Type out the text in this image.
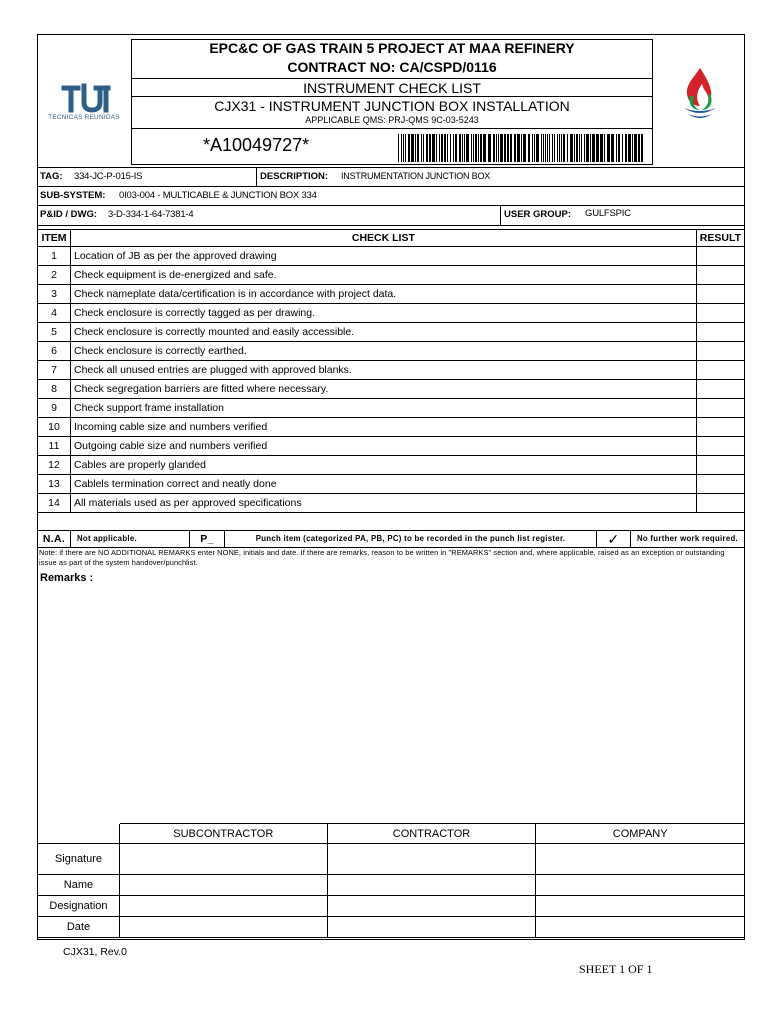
TECNICAS REUNIDAS
EPC&C OF GAS TRAIN 5 PROJECT AT MAA REFINERY
CONTRACT NO: CA/CSPD/0116
INSTRUMENT CHECK LIST
CJX31 - INSTRUMENT JUNCTION BOX INSTALLATION
APPLICABLE QMS: PRJ-QMS 9C-03-5243
*A10049727*
TAG: 334-JC-P-015-IS	DESCRIPTION: INSTRUMENTATION JUNCTION BOX
SUB-SYSTEM: 0I03-004 - MULTICABLE & JUNCTION BOX 334
P&ID / DWG: 3-D-334-1-64-7381-4	USER GROUP: GULFSPIC
ITEM	CHECK LIST	RESULT
1	Location of JB as per the approved drawing	
2	Check equipment is de-energized and safe.	
3	Check nameplate data/certification is in accordance with project data.	
4	Check enclosure is correctly tagged as per drawing.	
5	Check enclosure is correctly mounted and easily accessible.	
6	Check enclosure is correctly earthed.	
7	Check all unused entries are plugged with approved blanks.	
8	Check segregation barriers are fitted where necessary.	
9	Check support frame installation	
10	Incoming cable size and numbers verified	
11	Outgoing cable size and numbers verified	
12	Cables are properly glanded	
13	Cablels termination correct and neatly done	
14	All materials used as per approved specifications	
N.A.	Not applicable.	P_	Punch item (categorized PA, PB, PC) to be recorded in the punch list register.	✓	No further work required.
Note: if there are NO ADDITIONAL REMARKS enter NONE, initials and date. If there are remarks, reason to be written in "REMARKS" section and, where applicable, raised as an exception or outstanding issue as part of the system handover/punchlist.
Remarks :
	SUBCONTRACTOR	CONTRACTOR	COMPANY
Signature			
Name			
Designation			
Date			
CJX31, Rev.0
SHEET 1 OF 1
